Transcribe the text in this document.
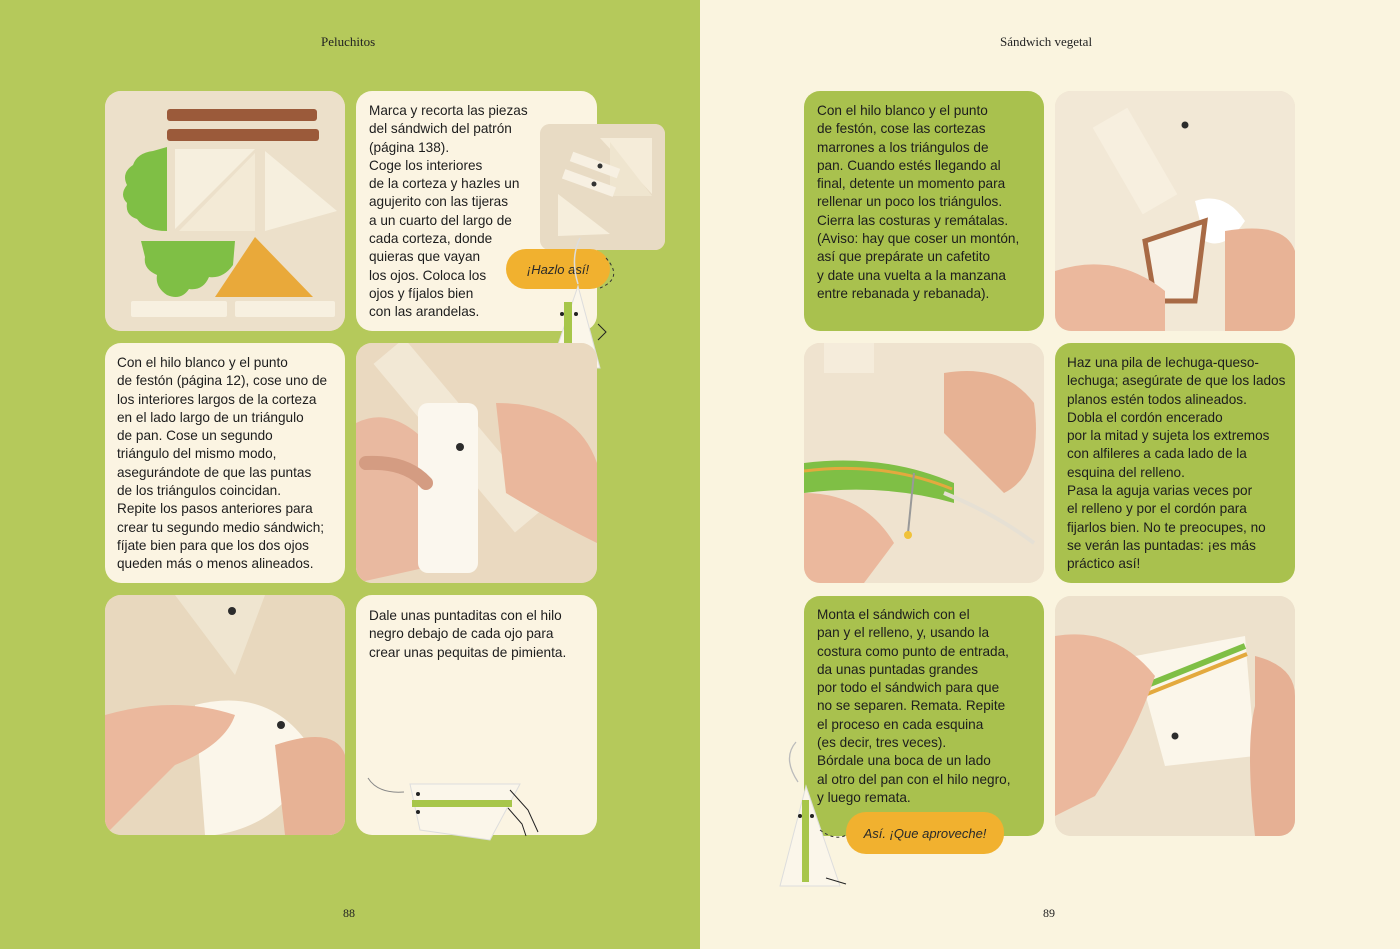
Peluchitos
Marca y recorta las piezas
del sándwich del patrón
(página 138).
Coge los interiores
de la corteza y hazles un
agujerito con las tijeras
a un cuarto del largo de
cada corteza, donde
quieras que vayan
los ojos. Coloca los
ojos y fíjalos bien
con las arandelas.
¡Hazlo así!
Con el hilo blanco y el punto
de festón (página 12), cose uno de
los interiores largos de la corteza
en el lado largo de un triángulo
de pan. Cose un segundo
triángulo del mismo modo,
asegurándote de que las puntas
de los triángulos coincidan.
Repite los pasos anteriores para
crear tu segundo medio sándwich;
fíjate bien para que los dos ojos
queden más o menos alineados.
Dale unas puntaditas con el hilo
negro debajo de cada ojo para
crear unas pequitas de pimienta.
88
Sándwich vegetal
Con el hilo blanco y el punto
de festón, cose las cortezas
marrones a los triángulos de
pan. Cuando estés llegando al
final, detente un momento para
rellenar un poco los triángulos.
Cierra las costuras y remátalas.
(Aviso: hay que coser un montón,
así que prepárate un cafetito
y date una vuelta a la manzana
entre rebanada y rebanada).
Haz una pila de lechuga-queso-
lechuga; asegúrate de que los lados
planos estén todos alineados.
Dobla el cordón encerado
por la mitad y sujeta los extremos
con alfileres a cada lado de la
esquina del relleno.
Pasa la aguja varias veces por
el relleno y por el cordón para
fijarlos bien. No te preocupes, no
se verán las puntadas: ¡es más
práctico así!
Monta el sándwich con el
pan y el relleno, y, usando la
costura como punto de entrada,
da unas puntadas grandes
por todo el sándwich para que
no se separen. Remata. Repite
el proceso en cada esquina
(es decir, tres veces).
Bórdale una boca de un lado
al otro del pan con el hilo negro,
y luego remata.
Así. ¡Que aproveche!
89
